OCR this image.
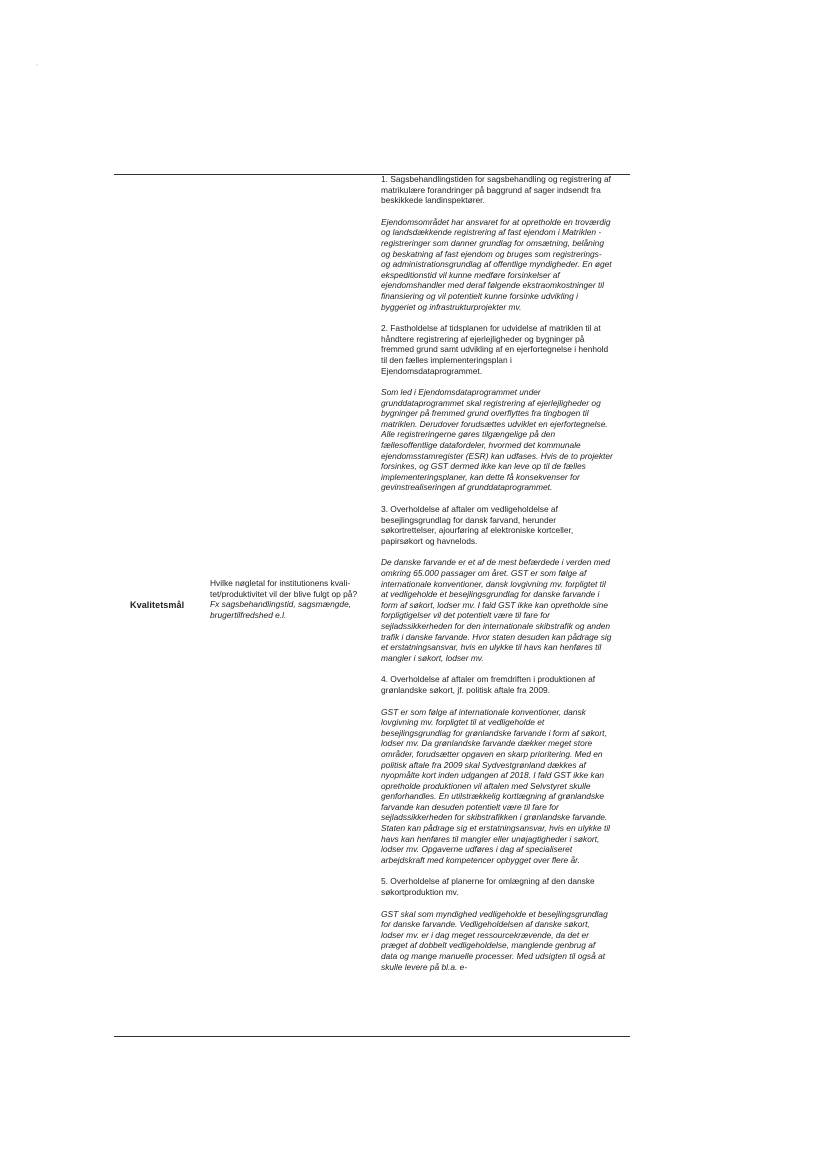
¸
Kvalitetsmål

Hvilke nøgletal for institutionens kvali-tet/produktivitet vil der blive fulgt op på?

Fx sagsbehandlingstid, sagsmængde, brugertilfredshed e.l.

1. Sagsbehandlingstiden for sagsbehandling og registrering af matrikulære forandringer på baggrund af sager indsendt fra beskikkede landinspektører.

Ejendomsområdet har ansvaret for at opretholde en troværdig og landsdækkende registrering af fast ejendom i Matriklen - registreringer som danner grundlag for omsætning, belåning og beskatning af fast ejendom og bruges som registrerings- og administrationsgrundlag af offentlige myndigheder. En øget ekspeditionstid vil kunne medføre forsinkelser af ejendomshandler med deraf følgende ekstraomkostninger til finansiering og vil potentielt kunne forsinke udvikling i byggeriet og infrastrukturprojekter mv.

2. Fastholdelse af tidsplanen for udvidelse af matriklen til at håndtere registrering af ejerlejligheder og bygninger på fremmed grund samt udvikling af en ejerfortegnelse i henhold til den fælles implementeringsplan i Ejendomsdataprogrammet.

Som led i Ejendomsdataprogrammet under grunddataprogrammet skal registrering af ejerlejligheder og bygninger på fremmed grund overflyttes fra tingbogen til matriklen. Derudover forudsættes udviklet en ejerfortegnelse. Alle registreringerne gøres tilgængelige på den fællesoffentlige datafordeler, hvormed det kommunale ejendomsstamregister (ESR) kan udfases. Hvis de to projekter forsinkes, og GST dermed ikke kan leve op til de fælles implementeringsplaner, kan dette få konsekvenser for gevinstrealiseringen af grunddataprogrammet.

3. Overholdelse af aftaler om vedligeholdelse af besejlingsgrundlag for dansk farvand, herunder søkortrettelser, ajourføring af elektroniske kortceller, papirsøkort og havnelods.

De danske farvande er et af de mest befærdede i verden med omkring 65.000 passager om året. GST er som følge af internationale konventioner, dansk lovgivning mv. forpligtet til at vedligeholde et besejlingsgrundlag for danske farvande i form af søkort, lodser mv. I fald GST ikke kan opretholde sine forpligtigelser vil det potentielt være til fare for sejladssikkerheden for den internationale skibstrafik og anden trafik i danske farvande. Hvor staten desuden kan pådrage sig et erstatningsansvar, hvis en ulykke til havs kan henføres til mangler i søkort, lodser mv.

4. Overholdelse af aftaler om fremdriften i produktionen af grønlandske søkort, jf. politisk aftale fra 2009.

GST er som følge af internationale konventioner, dansk lovgivning mv. forpligtet til at vedligeholde et besejlingsgrundlag for grønlandske farvande i form af søkort, lodser mv. Da grønlandske farvande dækker meget store områder, forudsætter opgaven en skarp prioritering. Med en politisk aftale fra 2009 skal Sydvestgrønland dækkes af nyopmålte kort inden udgangen af 2018. I fald GST ikke kan opretholde produktionen vil aftalen med Selvstyret skulle genforhandles. En utilstrækkelig kortlægning af grønlandske farvande kan desuden potentielt være til fare for sejladssikkerheden for skibstrafikken i grønlandske farvande. Staten kan pådrage sig et erstatningsansvar, hvis en ulykke til havs kan henføres til mangler eller unøjagtigheder i søkort, lodser mv. Opgaverne udføres i dag af specialiseret arbejdskraft med kompetencer opbygget over flere år.

5. Overholdelse af planerne for omlægning af den danske søkortproduktion mv.

GST skal som myndighed vedligeholde et besejlingsgrundlag for danske farvande. Vedligeholdelsen af danske søkort, lodser mv. er i dag meget ressourcekrævende, da det er præget af dobbelt vedligeholdelse, manglende genbrug af data og mange manuelle processer. Med udsigten til også at skulle levere på bl.a. e-
